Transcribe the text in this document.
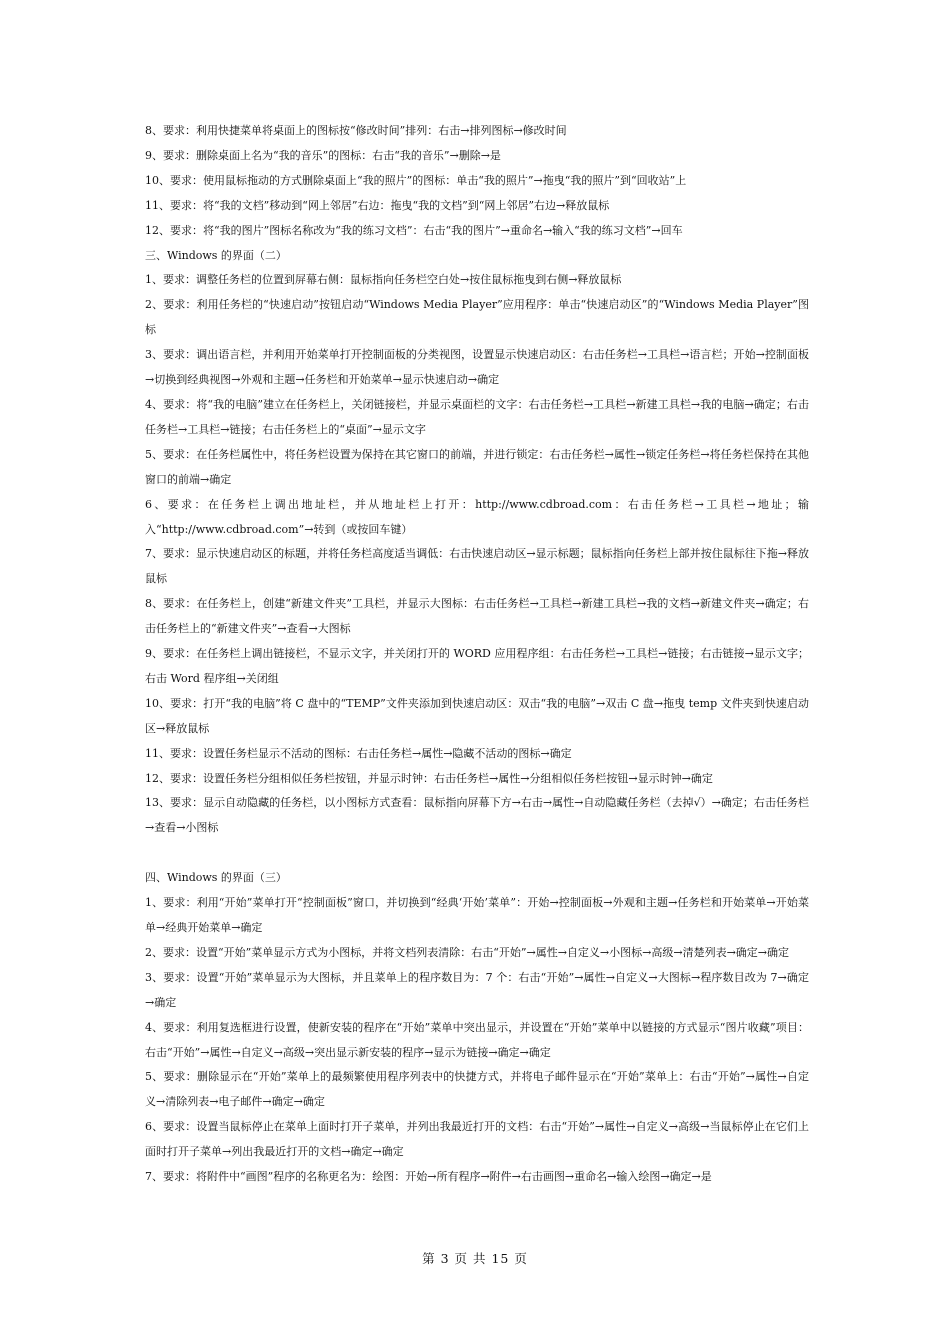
8、要求：利用快捷菜单将桌面上的图标按“修改时间”排列：右击→排列图标→修改时间

9、要求：删除桌面上名为“我的音乐”的图标：右击“我的音乐”→删除→是

10、要求：使用鼠标拖动的方式删除桌面上“我的照片”的图标：单击“我的照片”→拖曳“我的照片”到“回收站”上

11、要求：将“我的文档”移动到“网上邻居”右边：拖曳“我的文档”到“网上邻居”右边→释放鼠标

12、要求：将“我的图片”图标名称改为“我的练习文档”：右击“我的图片”→重命名→输入“我的练习文档”→回车

三、Windows 的界面（二）

1、要求：调整任务栏的位置到屏幕右侧：鼠标指向任务栏空白处→按住鼠标拖曳到右侧→释放鼠标

2、要求：利用任务栏的“快速启动”按钮启动“Windows Media Player”应用程序：单击“快速启动区”的“Windows Media Player”图标

3、要求：调出语言栏，并利用开始菜单打开控制面板的分类视图，设置显示快速启动区：右击任务栏→工具栏→语言栏；开始→控制面板→切换到经典视图→外观和主题→任务栏和开始菜单→显示快速启动→确定

4、要求：将“我的电脑”建立在任务栏上，关闭链接栏，并显示桌面栏的文字：右击任务栏→工具栏→新建工具栏→我的电脑→确定；右击任务栏→工具栏→链接；右击任务栏上的“桌面”→显示文字

5、要求：在任务栏属性中，将任务栏设置为保持在其它窗口的前端，并进行锁定：右击任务栏→属性→锁定任务栏→将任务栏保持在其他窗口的前端→确定

6、要求：在任务栏上调出地址栏，并从地址栏上打开：http://www.cdbroad.com：右击任务栏→工具栏→地址；输入“http://www.cdbroad.com”→转到（或按回车键）

7、要求：显示快速启动区的标题，并将任务栏高度适当调低：右击快速启动区→显示标题；鼠标指向任务栏上部并按住鼠标往下拖→释放鼠标

8、要求：在任务栏上，创建“新建文件夹”工具栏，并显示大图标：右击任务栏→工具栏→新建工具栏→我的文档→新建文件夹→确定；右击任务栏上的“新建文件夹”→查看→大图标

9、要求：在任务栏上调出链接栏，不显示文字，并关闭打开的 WORD 应用程序组：右击任务栏→工具栏→链接；右击链接→显示文字；右击 Word 程序组→关闭组

10、要求：打开“我的电脑”将 C 盘中的“TEMP”文件夹添加到快速启动区：双击“我的电脑”→双击 C 盘→拖曳 temp 文件夹到快速启动区→释放鼠标

11、要求：设置任务栏显示不活动的图标：右击任务栏→属性→隐藏不活动的图标→确定

12、要求：设置任务栏分组相似任务栏按钮，并显示时钟：右击任务栏→属性→分组相似任务栏按钮→显示时钟→确定

13、要求：显示自动隐藏的任务栏，以小图标方式查看：鼠标指向屏幕下方→右击→属性→自动隐藏任务栏（去掉√）→确定；右击任务栏→查看→小图标

四、Windows 的界面（三）

1、要求：利用“开始”菜单打开“控制面板”窗口，并切换到“经典‘开始’菜单”：开始→控制面板→外观和主题→任务栏和开始菜单→开始菜单→经典开始菜单→确定

2、要求：设置“开始”菜单显示方式为小图标，并将文档列表清除：右击“开始”→属性→自定义→小图标→高级→清楚列表→确定→确定

3、要求：设置“开始”菜单显示为大图标，并且菜单上的程序数目为：7 个：右击“开始”→属性→自定义→大图标→程序数目改为 7→确定→确定

4、要求：利用复选框进行设置，使新安装的程序在“开始”菜单中突出显示，并设置在“开始”菜单中以链接的方式显示“图片收藏”项目：右击“开始”→属性→自定义→高级→突出显示新安装的程序→显示为链接→确定→确定

5、要求：删除显示在“开始”菜单上的最频繁使用程序列表中的快捷方式，并将电子邮件显示在“开始”菜单上：右击“开始”→属性→自定义→清除列表→电子邮件→确定→确定

6、要求：设置当鼠标停止在菜单上面时打开子菜单，并列出我最近打开的文档：右击“开始”→属性→自定义→高级→当鼠标停止在它们上面时打开子菜单→列出我最近打开的文档→确定→确定

7、要求：将附件中“画图”程序的名称更名为：绘图：开始→所有程序→附件→右击画图→重命名→输入绘图→确定→是

第 3 页 共 15 页
